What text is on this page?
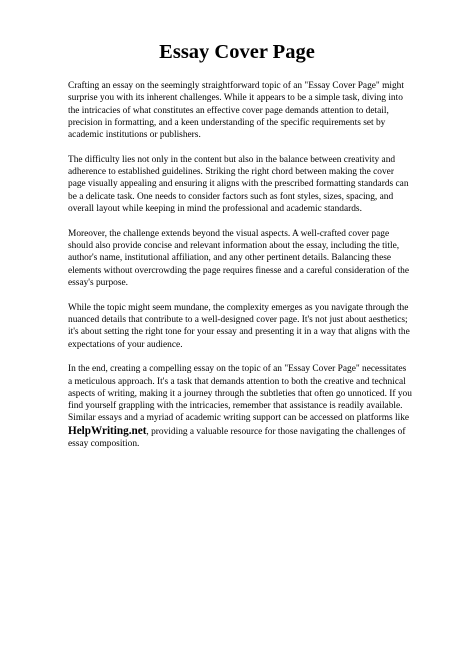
Essay Cover Page

Crafting an essay on the seemingly straightforward topic of an "Essay Cover Page" might surprise you with its inherent challenges. While it appears to be a simple task, diving into the intricacies of what constitutes an effective cover page demands attention to detail, precision in formatting, and a keen understanding of the specific requirements set by academic institutions or publishers.

The difficulty lies not only in the content but also in the balance between creativity and adherence to established guidelines. Striking the right chord between making the cover page visually appealing and ensuring it aligns with the prescribed formatting standards can be a delicate task. One needs to consider factors such as font styles, sizes, spacing, and overall layout while keeping in mind the professional and academic standards.

Moreover, the challenge extends beyond the visual aspects. A well-crafted cover page should also provide concise and relevant information about the essay, including the title, author's name, institutional affiliation, and any other pertinent details. Balancing these elements without overcrowding the page requires finesse and a careful consideration of the essay's purpose.

While the topic might seem mundane, the complexity emerges as you navigate through the nuanced details that contribute to a well-designed cover page. It's not just about aesthetics; it's about setting the right tone for your essay and presenting it in a way that aligns with the expectations of your audience.

In the end, creating a compelling essay on the topic of an "Essay Cover Page" necessitates a meticulous approach. It's a task that demands attention to both the creative and technical aspects of writing, making it a journey through the subtleties that often go unnoticed. If you find yourself grappling with the intricacies, remember that assistance is readily available. Similar essays and a myriad of academic writing support can be accessed on platforms like HelpWriting.net, providing a valuable resource for those navigating the challenges of essay composition.
